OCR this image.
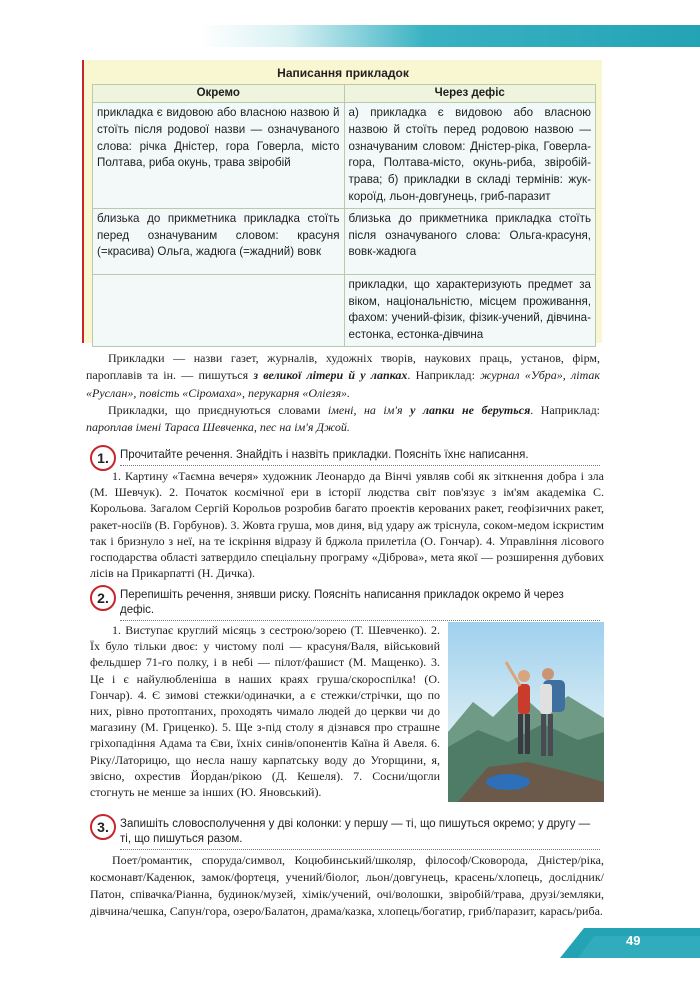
Життя навколо нас
Написання прикладок
Окремо	Через дефіс
прикладка є видовою або власною назвою й стоїть після родової назви — означуваного слова: річка Дністер, гора Говерла, місто Полтава, риба окунь, трава звіробій	а) прикладка є видовою або власною назвою й стоїть перед родовою назвою — означуваним словом: Дністер-ріка, Говерла-гора, Полтава-місто, окунь-риба, звіробій-трава; б) прикладки в складі термінів: жук-короїд, льон-довгунець, гриб-паразит
близька до прикметника прикладка стоїть перед означуваним словом: красуня (=красива) Ольга, жадюга (=жадний) вовк	близька до прикметника прикладка стоїть після означуваного слова: Ольга-красуня, вовк-жадюга
	прикладки, що характеризують предмет за віком, національністю, місцем проживання, фахом: учений-фізик, фізик-учений, дівчина-естонка, естонка-дівчина

Прикладки — назви газет, журналів, художніх творів, наукових праць, установ, фірм, пароплавів та ін. — пишуться з великої літери й у лапках. Наприклад: журнал «Убра», літак «Руслан», повість «Сіромаха», перукарня «Оліезя».

Прикладки, що приєднуються словами імені, на ім'я у лапки не беруться. Наприклад: пароплав імені Тараса Шевченка, пес на ім'я Джой.

1. Прочитайте речення. Знайдіть і назвіть прикладки. Поясніть їхнє написання.

1. Картину «Таємна вечеря» художник Леонардо да Вінчі уявляв собі як зіткнення добра і зла (М. Шевчук). 2. Початок космічної ери в історії людства світ пов'язує з ім'ям академіка С. Корольова. Загалом Сергій Корольов розробив багато проектів керованих ракет, геофізичних ракет, ракет-носіїв (В. Горбунов). 3. Жовта груша, мов диня, від удару аж тріснула, соком-медом іскристим так і бризнуло з неї, на те іскріння відразу й бджола прилетіла (О. Гончар). 4. Управління лісового господарства області затвердило спеціальну програму «Діброва», мета якої — розширення дубових лісів на Прикарпатті (Н. Дичка).

2. Перепишіть речення, знявши риску. Поясніть написання прикладок окремо й через дефіс.

1. Виступає круглий місяць з сестрою/зорею (Т. Шевченко). 2. Їх було тільки двоє: у чистому полі — красуня/Валя, військовий фельдшер 71-го полку, і в небі — пілот/фашист (М. Мащенко). 3. Це і є найулюбленіша в наших краях груша/скороспілка! (О. Гончар). 4. Є зимові стежки/одиначки, а є стежки/стрічки, що по них, рівно протоптаних, проходять чимало людей до церкви чи до магазину (М. Гриценко). 5. Ще з-під столу я дізнався про страшне гріхопадіння Адама та Єви, їхніх синів/опонентів Каїна й Авеля. 6. Ріку/Латорицю, що несла нашу карпатську воду до Угорщини, я, звісно, охрестив Йордан/рікою (Д. Кешеля). 7. Сосни/щогли стогнуть не менше за інших (Ю. Яновський).

3. Запишіть словосполучення у дві колонки: у першу — ті, що пишуться окремо; у другу — ті, що пишуться разом.

Поет/романтик, споруда/символ, Коцюбинський/школяр, філософ/Сковорода, Дністер/ріка, космонавт/Каденюк, замок/фортеця, учений/біолог, льон/довгунець, красень/хлопець, дослідник/Патон, співачка/Ріанна, будинок/музей, хімік/учений, очі/волошки, звіробій/трава, друзі/земляки, дівчина/чешка, Сапун/гора, озеро/Балатон, драма/казка, хлопець/богатир, гриб/паразит, карась/риба.

49
